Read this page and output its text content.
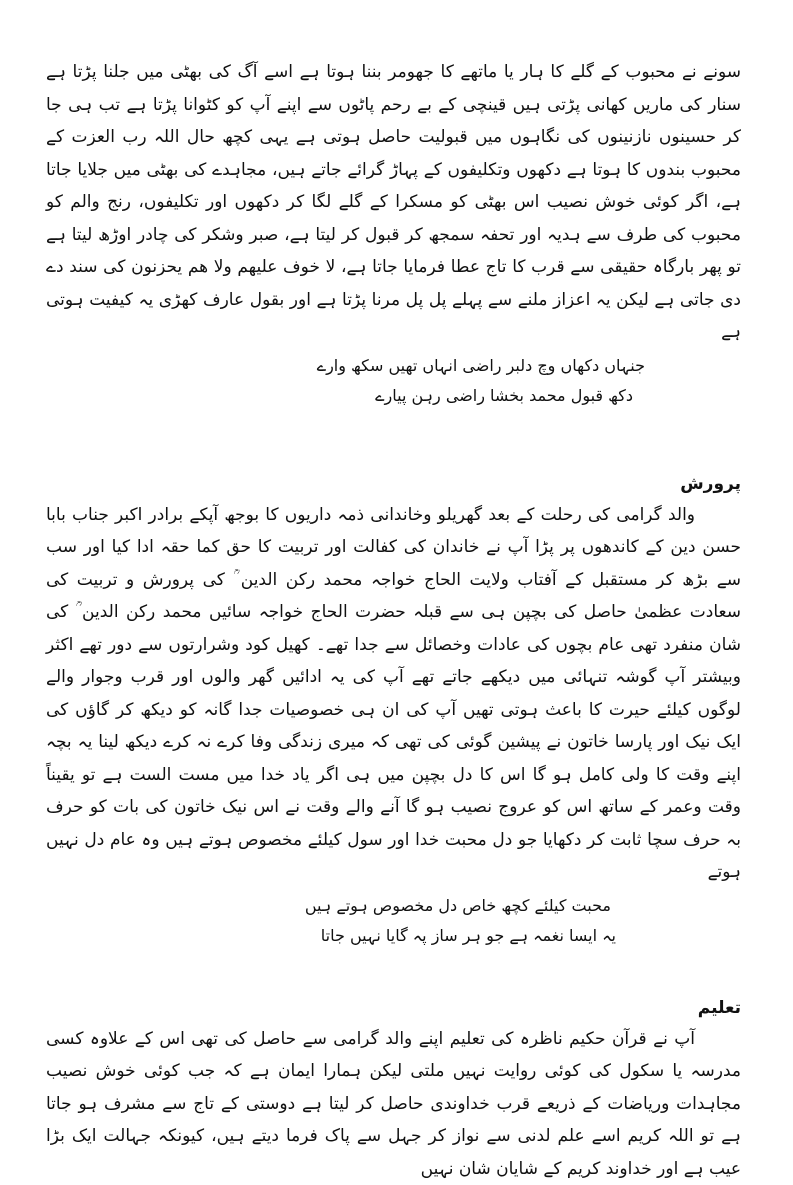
سونے نے محبوب کے گلے کا ہار یا ماتھے کا جھومر بننا ہوتا ہے اسے آگ کی بھٹی میں جلنا پڑتا ہے سنار کی ماریں کھانی پڑتی ہیں قینچی کے بے رحم پاٹوں سے اپنے آپ کو کٹوانا پڑتا ہے تب ہی جا کر حسینوں نازنینوں کی نگاہوں میں قبولیت حاصل ہوتی ہے یہی کچھ حال اللہ رب العزت کے محبوب بندوں کا ہوتا ہے دکھوں وتکلیفوں کے پہاڑ گرائے جاتے ہیں، مجاہدے کی بھٹی میں جلایا جاتا ہے، اگر کوئی خوش نصیب اس بھٹی کو مسکرا کے گلے لگا کر دکھوں اور تکلیفوں، رنج والم کو محبوب کی طرف سے ہدیہ اور تحفہ سمجھ کر قبول کر لیتا ہے، صبر وشکر کی چادر اوڑھ لیتا ہے تو پھر بارگاہ حقیقی سے قرب کا تاج عطا فرمایا جاتا ہے، لا خوف علیھم ولا ھم یحزنون کی سند دے دی جاتی ہے لیکن یہ اعزاز ملنے سے پہلے پل پل مرنا پڑتا ہے اور بقول عارف کھڑی یہ کیفیت ہوتی ہے

جنہاں دکھاں وچ دلبر راضی انہاں تھیں سکھ وارے

دکھ قبول محمد بخشا راضی رہن پیارے

پرورش

والد گرامی کی رحلت کے بعد گھریلو وخاندانی ذمہ داریوں کا بوجھ آپکے برادر اکبر جناب بابا حسن دین کے کاندھوں پر پڑا آپ نے خاندان کی کفالت اور تربیت کا حق کما حقہ ادا کیا اور سب سے بڑھ کر مستقبل کے آفتاب ولایت الحاج خواجہ محمد رکن الدین ؒ کی پرورش و تربیت کی سعادت عظمیٰ حاصل کی بچپن ہی سے قبلہ حضرت الحاج خواجہ سائیں محمد رکن الدین ؒ کی شان منفرد تھی عام بچوں کی عادات وخصائل سے جدا تھے۔ کھیل کود وشرارتوں سے دور تھے اکثر وبیشتر آپ گوشہ تنہائی میں دیکھے جاتے تھے آپ کی یہ ادائیں گھر والوں اور قرب وجوار والے لوگوں کیلئے حیرت کا باعث ہوتی تھیں آپ کی ان ہی خصوصیات جدا گانہ کو دیکھ کر گاؤں کی ایک نیک اور پارسا خاتون نے پیشین گوئی کی تھی کہ میری زندگی وفا کرے نہ کرے دیکھ لینا یہ بچہ اپنے وقت کا ولی کامل ہو گا اس کا دل بچپن میں ہی اگر یاد خدا میں مست الست ہے تو یقیناً وقت وعمر کے ساتھ اس کو عروج نصیب ہو گا آنے والے وقت نے اس نیک خاتون کی بات کو حرف بہ حرف سچا ثابت کر دکھایا جو دل محبت خدا اور سول کیلئے مخصوص ہوتے ہیں وہ عام دل نہیں ہوتے

محبت کیلئے کچھ خاص دل مخصوص ہوتے ہیں

یہ ایسا نغمہ ہے جو ہر ساز پہ گایا نہیں جاتا

تعلیم

آپ نے قرآن حکیم ناظرہ کی تعلیم اپنے والد گرامی سے حاصل کی تھی اس کے علاوہ کسی مدرسہ یا سکول کی کوئی روایت نہیں ملتی لیکن ہمارا ایمان ہے کہ جب کوئی خوش نصیب مجاہدات وریاضات کے ذریعے قرب خداوندی حاصل کر لیتا ہے دوستی کے تاج سے مشرف ہو جاتا ہے تو اللہ کریم اسے علم لدنی سے نواز کر جہل سے پاک فرما دیتے ہیں، کیونکہ جہالت ایک بڑا عیب ہے اور خداوند کریم کے شایان شان نہیں
